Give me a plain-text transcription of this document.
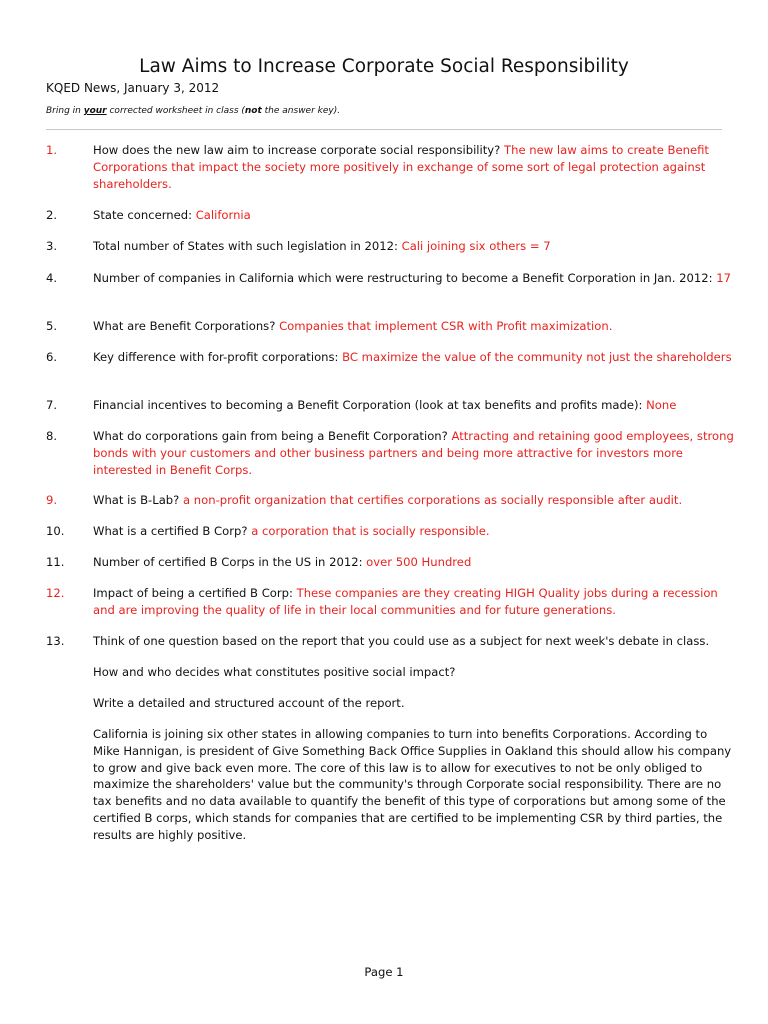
Law Aims to Increase Corporate Social Responsibility
KQED News, January 3, 2012
Bring in your corrected worksheet in class (not the answer key).
1.	How does the new law aim to increase corporate social responsibility? The new law aims to create Benefit Corporations that impact the society more positively in exchange of some sort of legal protection against shareholders.
2.	State concerned: California
3.	Total number of States with such legislation in 2012: Cali joining six others = 7
4.	Number of companies in California which were restructuring to become a Benefit Corporation in Jan. 2012: 17
5.	What are Benefit Corporations? Companies that implement CSR with Profit maximization.
6.	Key difference with for-profit corporations: BC maximize the value of the community not just the shareholders
7.	Financial incentives to becoming a Benefit Corporation (look at tax benefits and profits made): None
8.	What do corporations gain from being a Benefit Corporation? Attracting and retaining good employees, strong bonds with your customers and other business partners and being more attractive for investors more interested in Benefit Corps.
9.	What is B-Lab? a non-profit organization that certifies corporations as socially responsible after audit.
10.	What is a certified B Corp? a corporation that is socially responsible.
11.	Number of certified B Corps in the US in 2012: over 500 Hundred
12.	Impact of being a certified B Corp: These companies are they creating HIGH Quality jobs during a recession and are improving the quality of life in their local communities and for future generations.
13.	Think of one question based on the report that you could use as a subject for next week's debate in class.
How and who decides what constitutes positive social impact?
Write a detailed and structured account of the report.
California is joining six other states in allowing companies to turn into benefits Corporations. According to Mike Hannigan, is president of Give Something Back Office Supplies in Oakland this should allow his company to grow and give back even more. The core of this law is to allow for executives to not be only obliged to maximize the shareholders' value but the community's through Corporate social responsibility. There are no tax benefits and no data available to quantify the benefit of this type of corporations but among some of the certified B corps, which stands for companies that are certified to be implementing CSR by third parties, the results are highly positive.
Page 1
